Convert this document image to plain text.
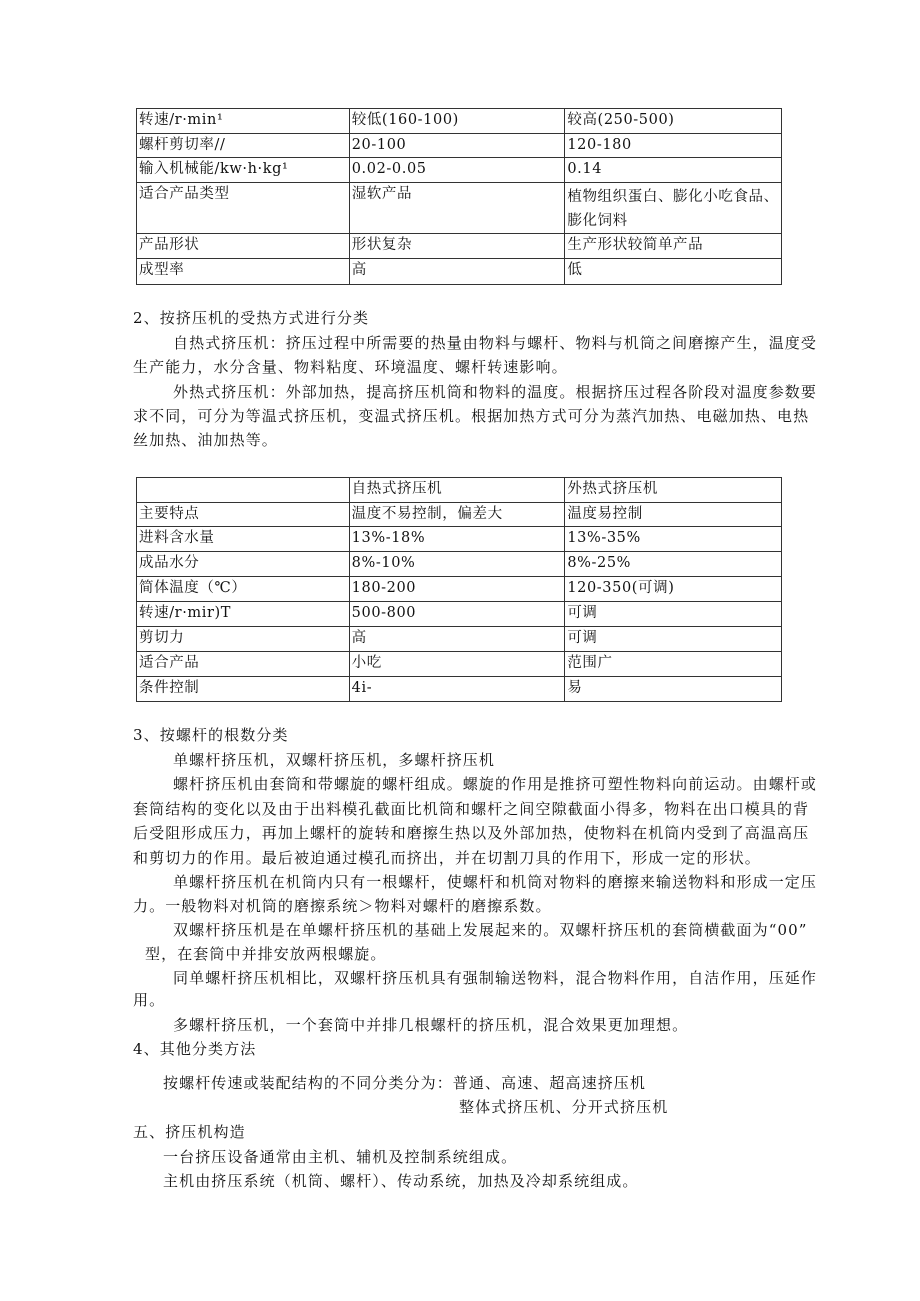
转速/r·min¹	较低(160-100)	较高(250-500)
螺杆剪切率//	20-100	120-180
输入机械能/kw·h·kg¹	0.02-0.05	0.14
适合产品类型	湿软产品	植物组织蛋白、膨化小吃食品、膨化饲料
产品形状	形状复杂	生产形状较简单产品
成型率	高	低
2、按挤压机的受热方式进行分类
自热式挤压机：挤压过程中所需要的热量由物料与螺杆、物料与机筒之间磨擦产生，温度受
生产能力，水分含量、物料粘度、环境温度、螺杆转速影响。
外热式挤压机：外部加热，提高挤压机筒和物料的温度。根据挤压过程各阶段对温度参数要
求不同，可分为等温式挤压机，变温式挤压机。根据加热方式可分为蒸汽加热、电磁加热、电热
丝加热、油加热等。
	自热式挤压机	外热式挤压机
主要特点	温度不易控制，偏差大	温度易控制
进料含水量	13%-18%	13%-35%
成品水分	8%-10%	8%-25%
简体温度（℃）	180-200	120-350(可调)
转速/r·mir)T	500-800	可调
剪切力	高	可调
适合产品	小吃	范围广
条件控制	4i-	易
3、按螺杆的根数分类
单螺杆挤压机，双螺杆挤压机，多螺杆挤压机
螺杆挤压机由套筒和带螺旋的螺杆组成。螺旋的作用是推挤可塑性物料向前运动。由螺杆或
套筒结构的变化以及由于出料模孔截面比机筒和螺杆之间空隙截面小得多，物料在出口模具的背
后受阻形成压力，再加上螺杆的旋转和磨擦生热以及外部加热，使物料在机筒内受到了高温高压
和剪切力的作用。最后被迫通过模孔而挤出，并在切割刀具的作用下，形成一定的形状。
单螺杆挤压机在机筒内只有一根螺杆，使螺杆和机筒对物料的磨擦来输送物料和形成一定压
力。一般物料对机筒的磨擦系统＞物料对螺杆的磨擦系数。
双螺杆挤压机是在单螺杆挤压机的基础上发展起来的。双螺杆挤压机的套筒横截面为“00”
型，在套筒中并排安放两根螺旋。
同单螺杆挤压机相比，双螺杆挤压机具有强制输送物料，混合物料作用，自洁作用，压延作
用。
多螺杆挤压机，一个套筒中并排几根螺杆的挤压机，混合效果更加理想。
4、其他分类方法
按螺杆传速或装配结构的不同分类分为：普通、高速、超高速挤压机
整体式挤压机、分开式挤压机
五、挤压机构造
一台挤压设备通常由主机、辅机及控制系统组成。
主机由挤压系统（机筒、螺杆）、传动系统，加热及冷却系统组成。
